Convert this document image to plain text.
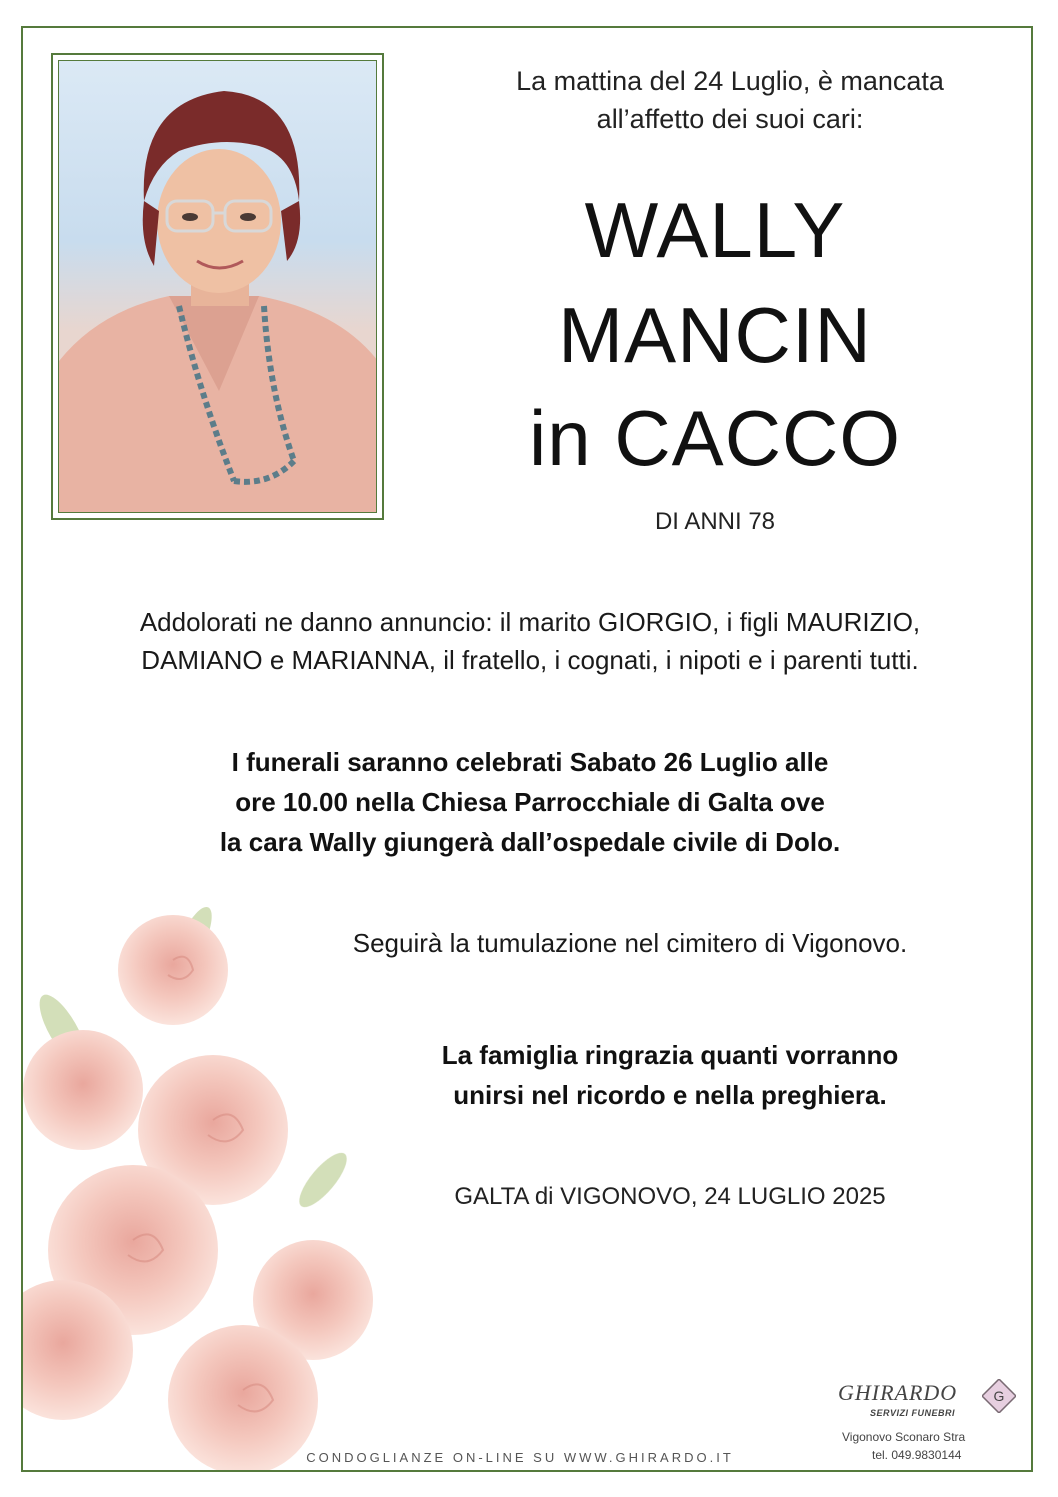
La mattina del 24 Luglio, è mancata
all’affetto dei suoi cari:
WALLY
MANCIN
in CACCO
DI ANNI 78
Addolorati ne danno annuncio: il marito GIORGIO, i figli MAURIZIO,
DAMIANO e MARIANNA, il fratello, i cognati, i nipoti e i parenti tutti.
I funerali saranno celebrati Sabato 26 Luglio alle
ore 10.00 nella Chiesa Parrocchiale di Galta ove
la cara Wally giungerà dall’ospedale civile di Dolo.
Seguirà la tumulazione nel cimitero di Vigonovo.
La famiglia ringrazia quanti vorranno
unirsi nel ricordo e nella preghiera.
GALTA di VIGONOVO, 24 LUGLIO 2025
CONDOGLIANZE ON-LINE SU WWW.GHIRARDO.IT
GHIRARDO
SERVIZI FUNEBRI
G
Vigonovo Sconaro Stra
tel. 049.9830144
